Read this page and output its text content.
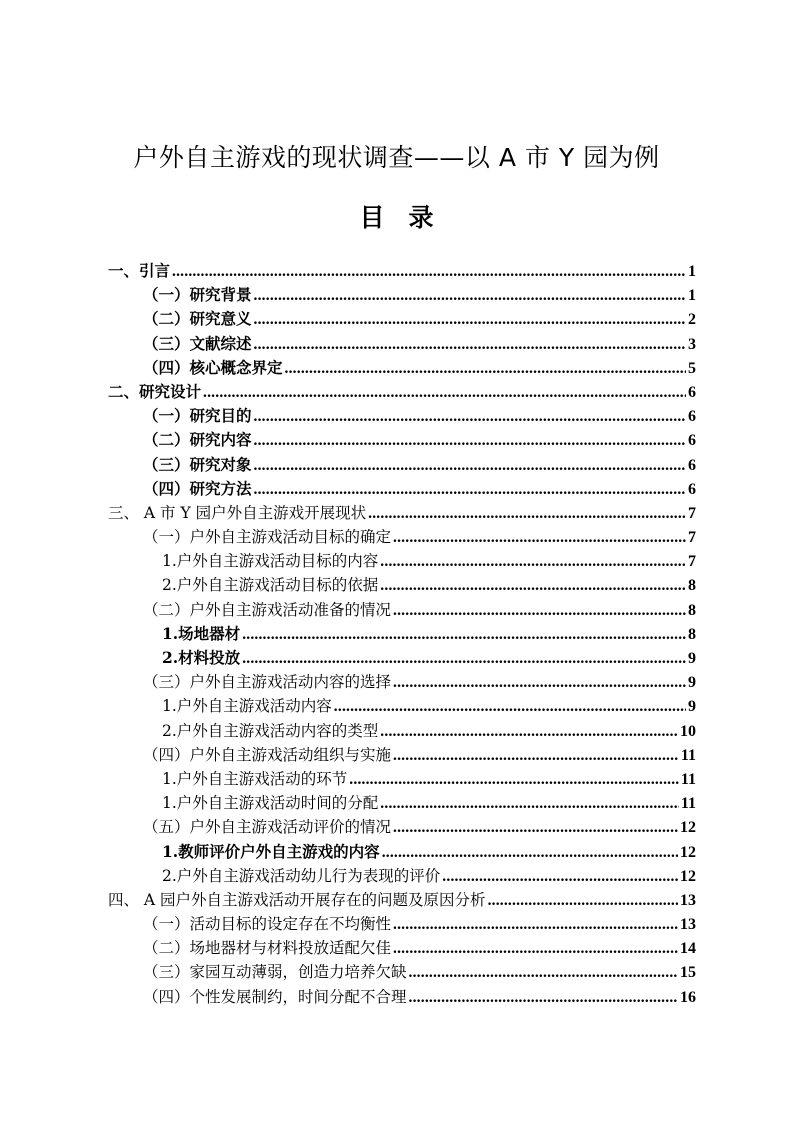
户外自主游戏的现状调查——以 A 市 Y 园为例
目录
一、引言 .....	1
（一）研究背景 .....	1
（二）研究意义 .....	2
（三）文献综述 .....	3
（四）核心概念界定 .....	5
二、研究设计 .....	6
（一）研究目的 .....	6
（二）研究内容 .....	6
（三）研究对象 .....	6
（四）研究方法 .....	6
三、 A 市 Y 园户外自主游戏开展现状 .....	7
（一）户外自主游戏活动目标的确定 .....	7
1.户外自主游戏活动目标的内容 .....	7
2.户外自主游戏活动目标的依据 .....	8
（二）户外自主游戏活动准备的情况 .....	8
1.场地器材 .....	8
2.材料投放 .....	9
（三）户外自主游戏活动内容的选择 .....	9
1.户外自主游戏活动内容 .....	9
2.户外自主游戏活动内容的类型 .....	10
（四）户外自主游戏活动组织与实施 .....	11
1.户外自主游戏活动的环节 .....	11
1.户外自主游戏活动时间的分配 .....	11
（五）户外自主游戏活动评价的情况 .....	12
1.教师评价户外自主游戏的内容 .....	12
2.户外自主游戏活动幼儿行为表现的评价 .....	12
四、 A 园户外自主游戏活动开展存在的问题及原因分析 .....	13
（一）活动目标的设定存在不均衡性 .....	13
（二）场地器材与材料投放适配欠佳 .....	14
（三）家园互动薄弱，创造力培养欠缺 .....	15
（四）个性发展制约，时间分配不合理 .....	16
